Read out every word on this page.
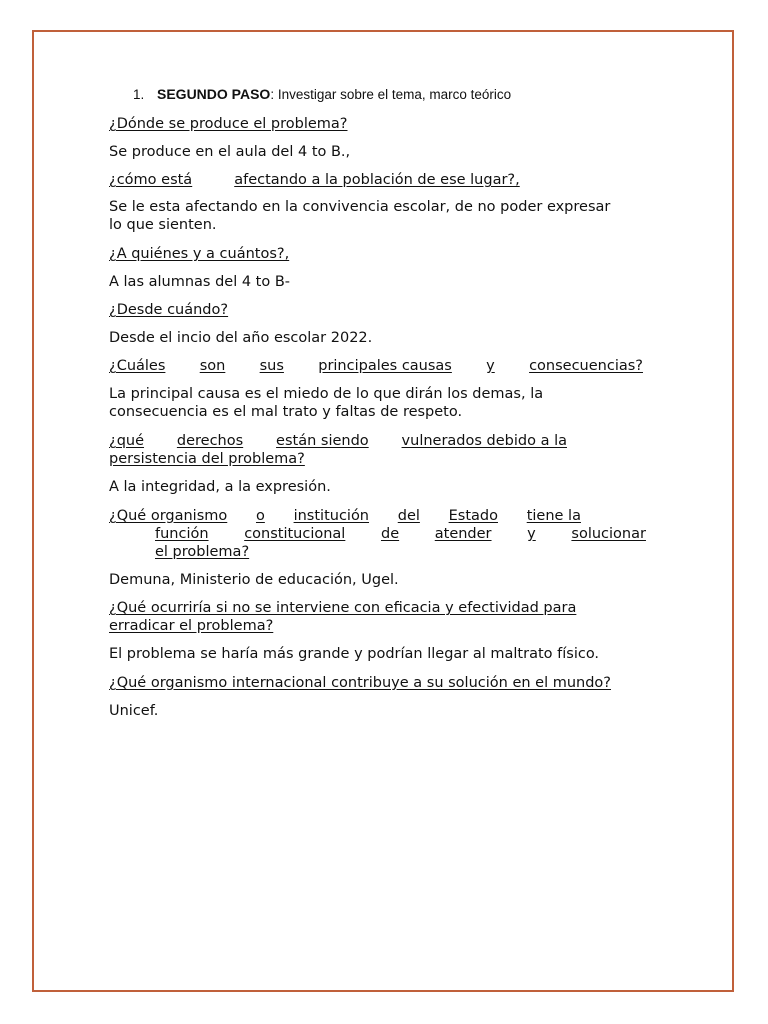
1. SEGUNDO PASO: Investigar sobre el tema, marco teórico
¿Dónde se produce el problema?
Se produce en el aula del 4 to B.,
¿cómo está	afectando a la población de ese lugar?,
Se le esta afectando en la convivencia escolar, de no poder expresar
lo que sienten.
¿A quiénes y a cuántos?,
A las alumnas del 4 to B-
¿Desde cuándo?
Desde el incio del año escolar 2022.
¿Cuáles son sus principales causas y consecuencias?
La principal causa es el miedo de lo que dirán los demas, la
consecuencia es el mal trato y faltas de respeto.
¿qué derechos están siendo vulnerados debido a la
persistencia del problema?
A la integridad, a la expresión.
¿Qué organismo o institución del Estado tiene la
función constitucional de atender y solucionar
el problema?
Demuna, Ministerio de educación, Ugel.
¿Qué ocurriría si no se interviene con eficacia y efectividad para
erradicar el problema?
El problema se haría más grande y podrían llegar al maltrato físico.
¿Qué organismo internacional contribuye a su solución en el mundo?
Unicef.
